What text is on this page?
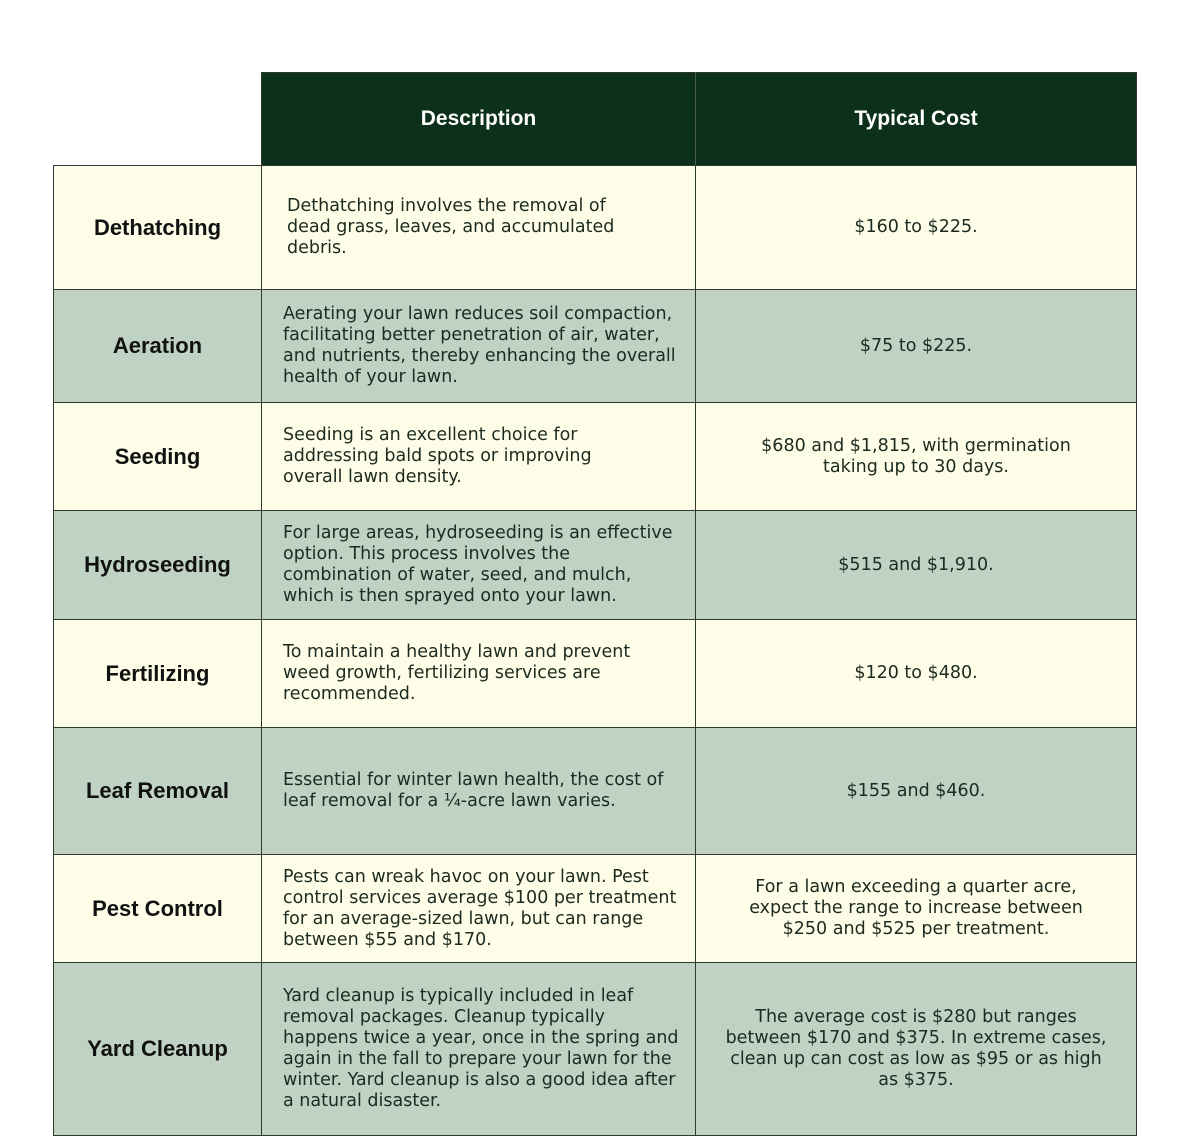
	Description	Typical Cost
Dethatching	Dethatching involves the removal of dead grass, leaves, and accumulated debris.	$160 to $225.
Aeration	Aerating your lawn reduces soil compaction, facilitating better penetration of air, water, and nutrients, thereby enhancing the overall health of your lawn.	$75 to $225.
Seeding	Seeding is an excellent choice for addressing bald spots or improving overall lawn density.	$680 and $1,815, with germination taking up to 30 days.
Hydroseeding	For large areas, hydroseeding is an effective option. This process involves the combination of water, seed, and mulch, which is then sprayed onto your lawn.	$515 and $1,910.
Fertilizing	To maintain a healthy lawn and prevent weed growth, fertilizing services are recommended.	$120 to $480.
Leaf Removal	Essential for winter lawn health, the cost of leaf removal for a ¼-acre lawn varies.	$155 and $460.
Pest Control	Pests can wreak havoc on your lawn. Pest control services average $100 per treatment for an average-sized lawn, but can range between $55 and $170.	For a lawn exceeding a quarter acre, expect the range to increase between $250 and $525 per treatment.
Yard Cleanup	Yard cleanup is typically included in leaf removal packages. Cleanup typically happens twice a year, once in the spring and again in the fall to prepare your lawn for the winter. Yard cleanup is also a good idea after a natural disaster.	The average cost is $280 but ranges between $170 and $375. In extreme cases, clean up can cost as low as $95 or as high as $375.
